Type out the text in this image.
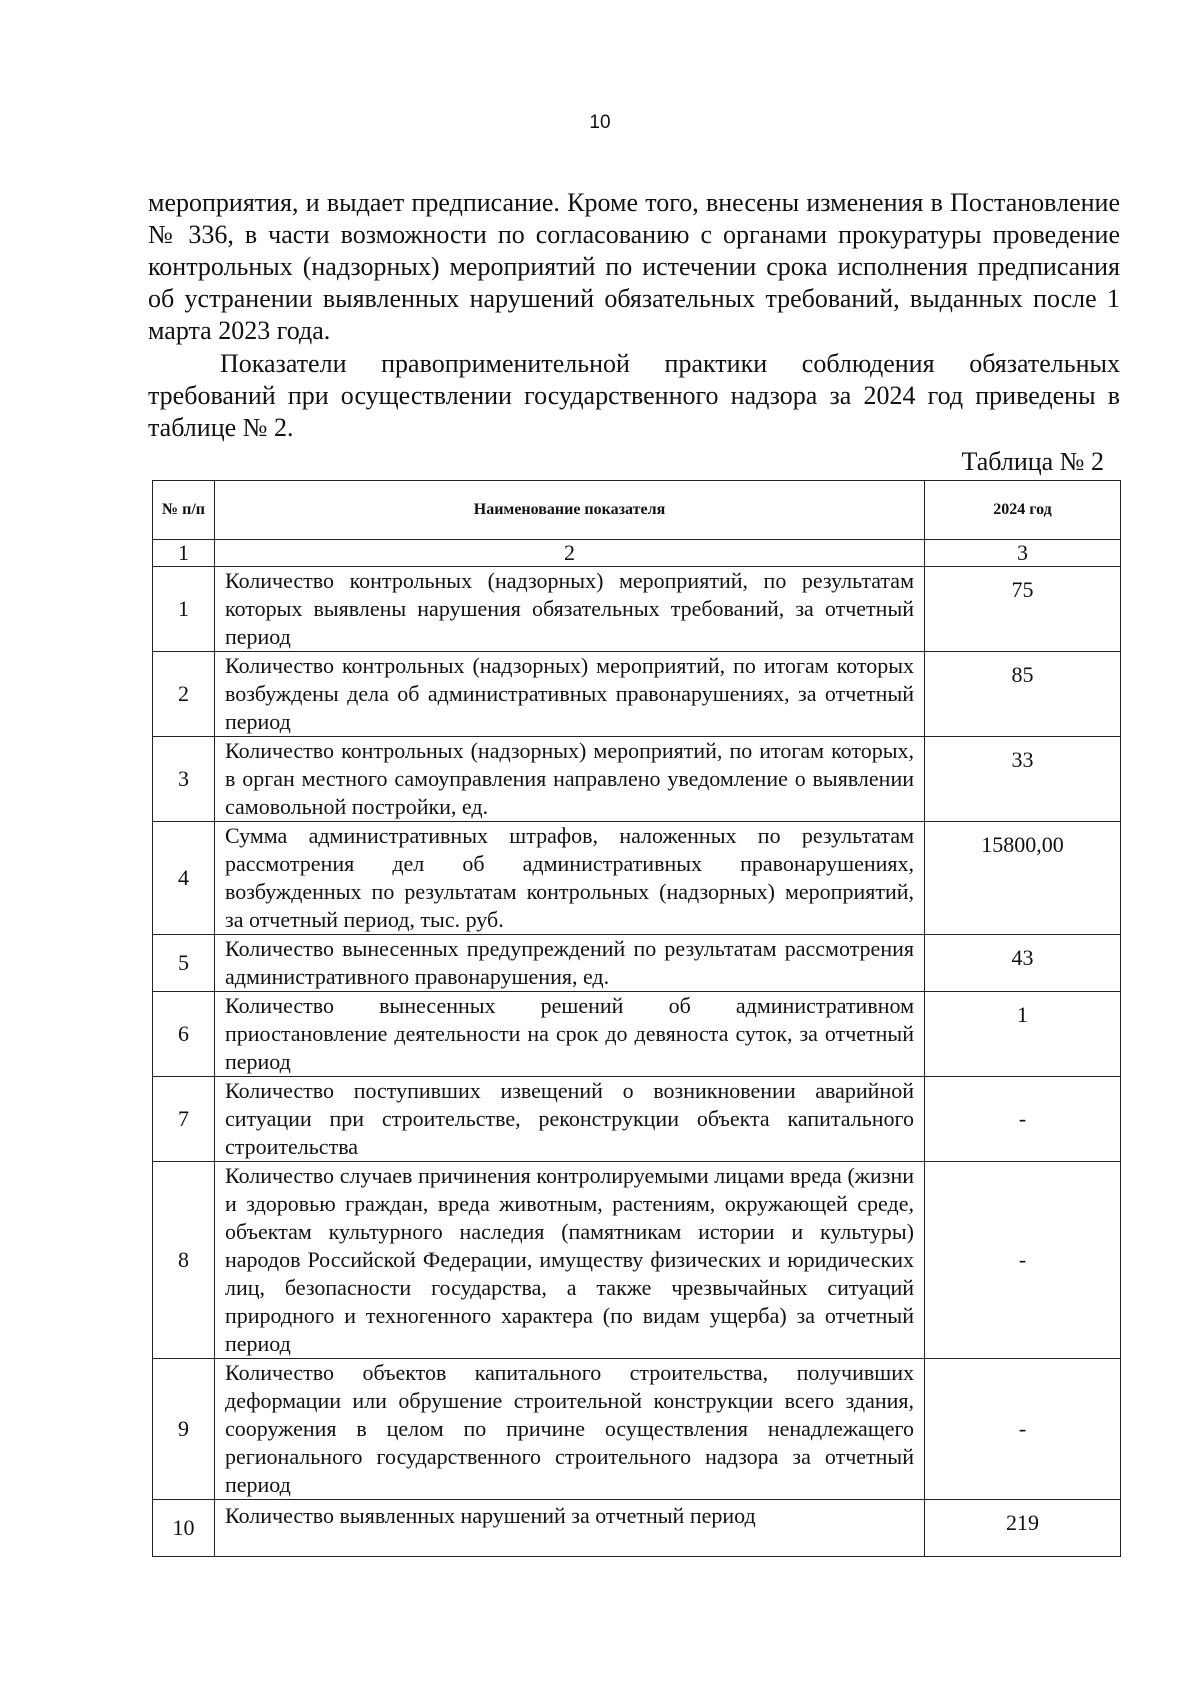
10

мероприятия, и выдает предписание. Кроме того, внесены изменения в Постановление № 336, в части возможности по согласованию с органами прокуратуры проведение контрольных (надзорных) мероприятий по истечении срока исполнения предписания об устранении выявленных нарушений обязательных требований, выданных после 1 марта 2023 года.

Показатели правоприменительной практики соблюдения обязательных требований при осуществлении государственного надзора за 2024 год приведены в таблице № 2.

Таблица № 2
№ п/п	Наименование показателя	2024 год
1	2	3
1	Количество контрольных (надзорных) мероприятий, по результатам которых выявлены нарушения обязательных требований, за отчетный период	75
2	Количество контрольных (надзорных) мероприятий, по итогам которых возбуждены дела об административных правонарушениях, за отчетный период	85
3	Количество контрольных (надзорных) мероприятий, по итогам которых, в орган местного самоуправления направлено уведомление о выявлении самовольной постройки, ед.	33
4	Сумма административных штрафов, наложенных по результатам рассмотрения дел об административных правонарушениях, возбужденных по результатам контрольных (надзорных) мероприятий, за отчетный период, тыс. руб.	15800,00
5	Количество вынесенных предупреждений по результатам рассмотрения административного правонарушения, ед.	43
6	Количество вынесенных решений об административном приостановление деятельности на срок до девяноста суток, за отчетный период	1
7	Количество поступивших извещений о возникновении аварийной ситуации при строительстве, реконструкции объекта капитального строительства	-
8	Количество случаев причинения контролируемыми лицами вреда (жизни и здоровью граждан, вреда животным, растениям, окружающей среде, объектам культурного наследия (памятникам истории и культуры) народов Российской Федерации, имуществу физических и юридических лиц, безопасности государства, а также чрезвычайных ситуаций природного и техногенного характера (по видам ущерба) за отчетный период	-
9	Количество объектов капитального строительства, получивших деформации или обрушение строительной конструкции всего здания, сооружения в целом по причине осуществления ненадлежащего регионального государственного строительного надзора за отчетный период	-
10	Количество выявленных нарушений за отчетный период	219
